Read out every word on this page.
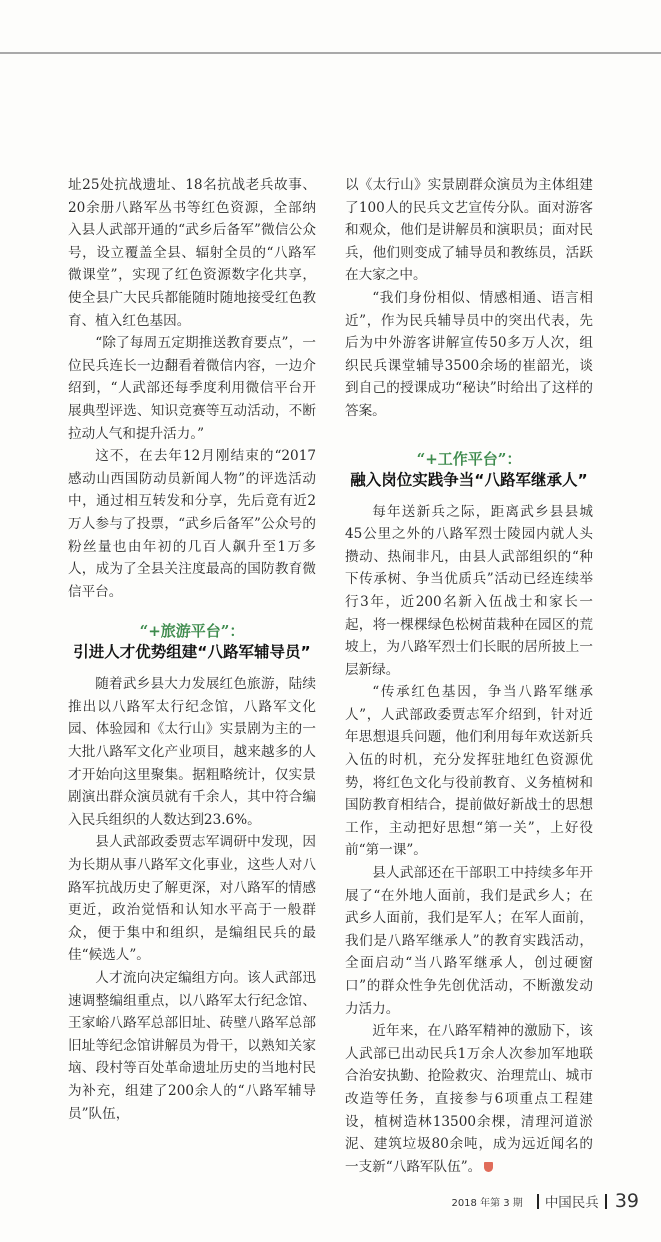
址25处抗战遗址、18名抗战老兵故事、20余册八路军丛书等红色资源，全部纳入县人武部开通的“武乡后备军”微信公众号，设立覆盖全县、辐射全员的“八路军微课堂”，实现了红色资源数字化共享，使全县广大民兵都能随时随地接受红色教育、植入红色基因。

“除了每周五定期推送教育要点”，一位民兵连长一边翻看着微信内容，一边介绍到，“人武部还每季度利用微信平台开展典型评选、知识竞赛等互动活动，不断拉动人气和提升活力。”

这不，在去年12月刚结束的“2017感动山西国防动员新闻人物”的评选活动中，通过相互转发和分享，先后竟有近2万人参与了投票，“武乡后备军”公众号的粉丝量也由年初的几百人飙升至1万多人，成为了全县关注度最高的国防教育微信平台。

“+旅游平台”：
引进人才优势组建“八路军辅导员”

随着武乡县大力发展红色旅游，陆续推出以八路军太行纪念馆，八路军文化园、体验园和《太行山》实景剧为主的一大批八路军文化产业项目，越来越多的人才开始向这里聚集。据粗略统计，仅实景剧演出群众演员就有千余人，其中符合编入民兵组织的人数达到23.6%。

县人武部政委贾志军调研中发现，因为长期从事八路军文化事业，这些人对八路军抗战历史了解更深，对八路军的情感更近，政治觉悟和认知水平高于一般群众，便于集中和组织，是编组民兵的最佳“候选人”。

人才流向决定编组方向。该人武部迅速调整编组重点，以八路军太行纪念馆、王家峪八路军总部旧址、砖壁八路军总部旧址等纪念馆讲解员为骨干，以熟知关家垴、段村等百处革命遗址历史的当地村民为补充，组建了200余人的“八路军辅导员”队伍，

以《太行山》实景剧群众演员为主体组建了100人的民兵文艺宣传分队。面对游客和观众，他们是讲解员和演职员；面对民兵，他们则变成了辅导员和教练员，活跃在大家之中。

“我们身份相似、情感相通、语言相近”，作为民兵辅导员中的突出代表，先后为中外游客讲解宣传50多万人次，组织民兵课堂辅导3500余场的崔韶光，谈到自己的授课成功“秘诀”时给出了这样的答案。

“+工作平台”：
融入岗位实践争当“八路军继承人”

每年送新兵之际，距离武乡县县城45公里之外的八路军烈士陵园内就人头攒动、热闹非凡，由县人武部组织的“种下传承树、争当优质兵”活动已经连续举行3年，近200名新入伍战士和家长一起，将一棵棵绿色松树苗栽种在园区的荒坡上，为八路军烈士们长眠的居所披上一层新绿。

“传承红色基因，争当八路军继承人”，人武部政委贾志军介绍到，针对近年思想退兵问题，他们利用每年欢送新兵入伍的时机，充分发挥驻地红色资源优势，将红色文化与役前教育、义务植树和国防教育相结合，提前做好新战士的思想工作，主动把好思想“第一关”，上好役前“第一课”。

县人武部还在干部职工中持续多年开展了“在外地人面前，我们是武乡人；在武乡人面前，我们是军人；在军人面前，我们是八路军继承人”的教育实践活动，全面启动“当八路军继承人，创过硬窗口”的群众性争先创优活动，不断激发动力活力。

近年来，在八路军精神的激励下，该人武部已出动民兵1万余人次参加军地联合治安执勤、抢险救灾、治理荒山、城市改造等任务，直接参与6项重点工程建设，植树造林13500余棵，清理河道淤泥、建筑垃圾80余吨，成为远近闻名的一支新“八路军队伍”。

2018 年第 3 期 中国民兵 39
